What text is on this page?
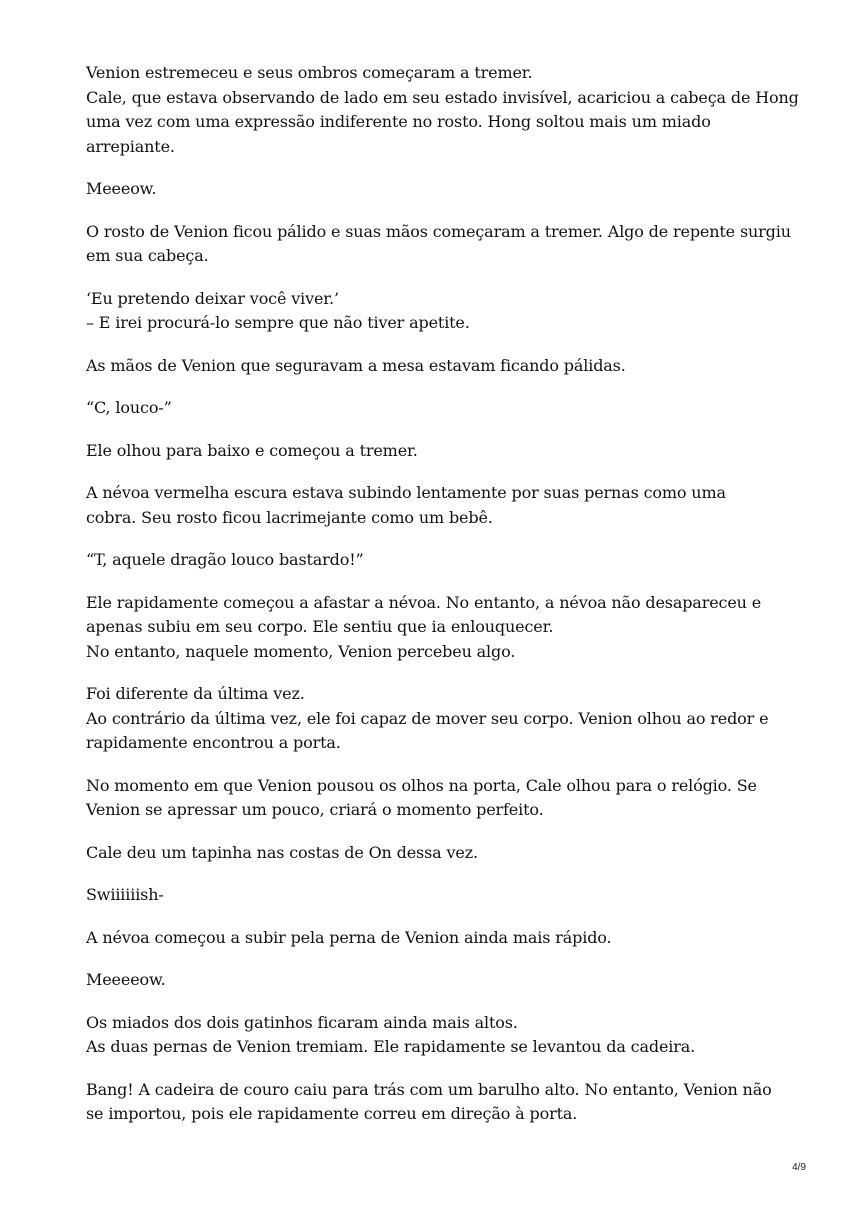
Venion estremeceu e seus ombros começaram a tremer.
Cale, que estava observando de lado em seu estado invisível, acariciou a cabeça de Hong
uma vez com uma expressão indiferente no rosto. Hong soltou mais um miado
arrepiante.

Meeeow.

O rosto de Venion ficou pálido e suas mãos começaram a tremer. Algo de repente surgiu
em sua cabeça.

‘Eu pretendo deixar você viver.’
– E irei procurá-lo sempre que não tiver apetite.

As mãos de Venion que seguravam a mesa estavam ficando pálidas.

“C, louco-”

Ele olhou para baixo e começou a tremer.

A névoa vermelha escura estava subindo lentamente por suas pernas como uma
cobra. Seu rosto ficou lacrimejante como um bebê.

“T, aquele dragão louco bastardo!”

Ele rapidamente começou a afastar a névoa. No entanto, a névoa não desapareceu e
apenas subiu em seu corpo. Ele sentiu que ia enlouquecer.
No entanto, naquele momento, Venion percebeu algo.

Foi diferente da última vez.
Ao contrário da última vez, ele foi capaz de mover seu corpo. Venion olhou ao redor e
rapidamente encontrou a porta.

No momento em que Venion pousou os olhos na porta, Cale olhou para o relógio. Se
Venion se apressar um pouco, criará o momento perfeito.

Cale deu um tapinha nas costas de On dessa vez.

Swiiiiiish-

A névoa começou a subir pela perna de Venion ainda mais rápido.

Meeeeow.

Os miados dos dois gatinhos ficaram ainda mais altos.
As duas pernas de Venion tremiam. Ele rapidamente se levantou da cadeira.

Bang! A cadeira de couro caiu para trás com um barulho alto. No entanto, Venion não
se importou, pois ele rapidamente correu em direção à porta.

4/9
